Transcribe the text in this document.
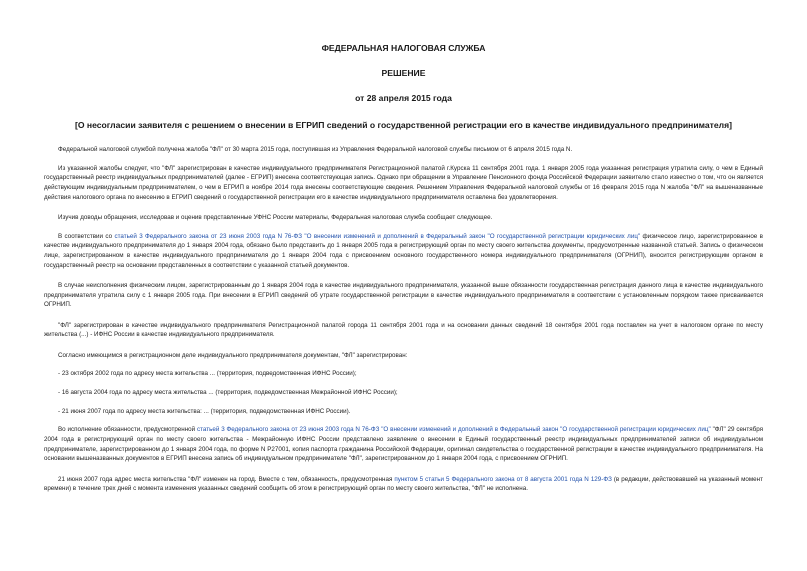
ФЕДЕРАЛЬНАЯ НАЛОГОВАЯ СЛУЖБА
РЕШЕНИЕ
от 28 апреля 2015 года
[О несогласии заявителя с решением о внесении в ЕГРИП сведений о государственной регистрации его в качестве индивидуального предпринимателя]

Федеральной налоговой службой получена жалоба "ФЛ" от 30 марта 2015 года, поступившая из Управления Федеральной налоговой службы письмом от 6 апреля 2015 года N.

Из указанной жалобы следует, что "ФЛ" зарегистрирован в качестве индивидуального предпринимателя Регистрационной палатой г.Курска 11 сентября 2001 года. 1 января 2005 года указанная регистрация утратила силу, о чем в Единый государственный реестр индивидуальных предпринимателей (далее - ЕГРИП) внесена соответствующая запись. Однако при обращении в Управление Пенсионного фонда Российской Федерации заявителю стало известно о том, что он является действующим индивидуальным предпринимателем, о чем в ЕГРИП в ноябре 2014 года внесены соответствующие сведения. Решением Управления Федеральной налоговой службы от 16 февраля 2015 года N жалоба "ФЛ" на вышеназванные действия налогового органа по внесению в ЕГРИП сведений о государственной регистрации его в качестве индивидуального предпринимателя оставлена без удовлетворения.

Изучив доводы обращения, исследовав и оценив представленные УФНС России материалы, Федеральная налоговая служба сообщает следующее.

В соответствии со статьей 3 Федерального закона от 23 июня 2003 года N 76-ФЗ "О внесении изменений и дополнений в Федеральный закон "О государственной регистрации юридических лиц" физическое лицо, зарегистрированное в качестве индивидуального предпринимателя до 1 января 2004 года, обязано было представить до 1 января 2005 года в регистрирующий орган по месту своего жительства документы, предусмотренные названной статьей. Запись о физическом лице, зарегистрированном в качестве индивидуального предпринимателя до 1 января 2004 года с присвоением основного государственного номера индивидуального предпринимателя (ОГРНИП), вносится регистрирующим органом в государственный реестр на основании представленных в соответствии с указанной статьей документов.

В случае неисполнения физическим лицом, зарегистрированным до 1 января 2004 года в качестве индивидуального предпринимателя, указанной выше обязанности государственная регистрация данного лица в качестве индивидуального предпринимателя утратила силу с 1 января 2005 года. При внесении в ЕГРИП сведений об утрате государственной регистрации в качестве индивидуального предпринимателя в соответствии с установленным порядком также присваивается ОГРНИП.

"ФЛ" зарегистрирован в качестве индивидуального предпринимателя Регистрационной палатой города 11 сентября 2001 года и на основании данных сведений 18 сентября 2001 года поставлен на учет в налоговом органе по месту жительства (...) - ИФНС России в качестве индивидуального предпринимателя.

Согласно имеющимся в регистрационном деле индивидуального предпринимателя документам, "ФЛ" зарегистрирован:

- 23 октября 2002 года по адресу места жительства ... (территория, подведомственная ИФНС России);

- 16 августа 2004 года по адресу места жительства ... (территория, подведомственная Межрайонной ИФНС России);

- 21 июня 2007 года по адресу места жительства: ... (территория, подведомственная ИФНС России).

Во исполнение обязанности, предусмотренной статьей 3 Федерального закона от 23 июня 2003 года N 76-ФЗ "О внесении изменений и дополнений в Федеральный закон "О государственной регистрации юридических лиц" "ФЛ" 29 сентября 2004 года в регистрирующий орган по месту своего жительства - Межрайонную ИФНС России представлено заявление о внесении в Единый государственный реестр индивидуальных предпринимателей записи об индивидуальном предпринимателе, зарегистрированном до 1 января 2004 года, по форме N Р27001, копия паспорта гражданина Российской Федерации, оригинал свидетельства о государственной регистрации в качестве индивидуального предпринимателя. На основании вышеназванных документов в ЕГРИП внесена запись об индивидуальном предпринимателе "ФЛ", зарегистрированном до 1 января 2004 года, с присвоением ОГРНИП.

21 июня 2007 года адрес места жительства "ФЛ" изменен на город. Вместе с тем, обязанность, предусмотренная пунктом 5 статьи 5 Федерального закона от 8 августа 2001 года N 129-ФЗ (в редакции, действовавшей на указанный момент времени) в течение трех дней с момента изменения указанных сведений сообщить об этом в регистрирующий орган по месту своего жительства, "ФЛ" не исполнена.
